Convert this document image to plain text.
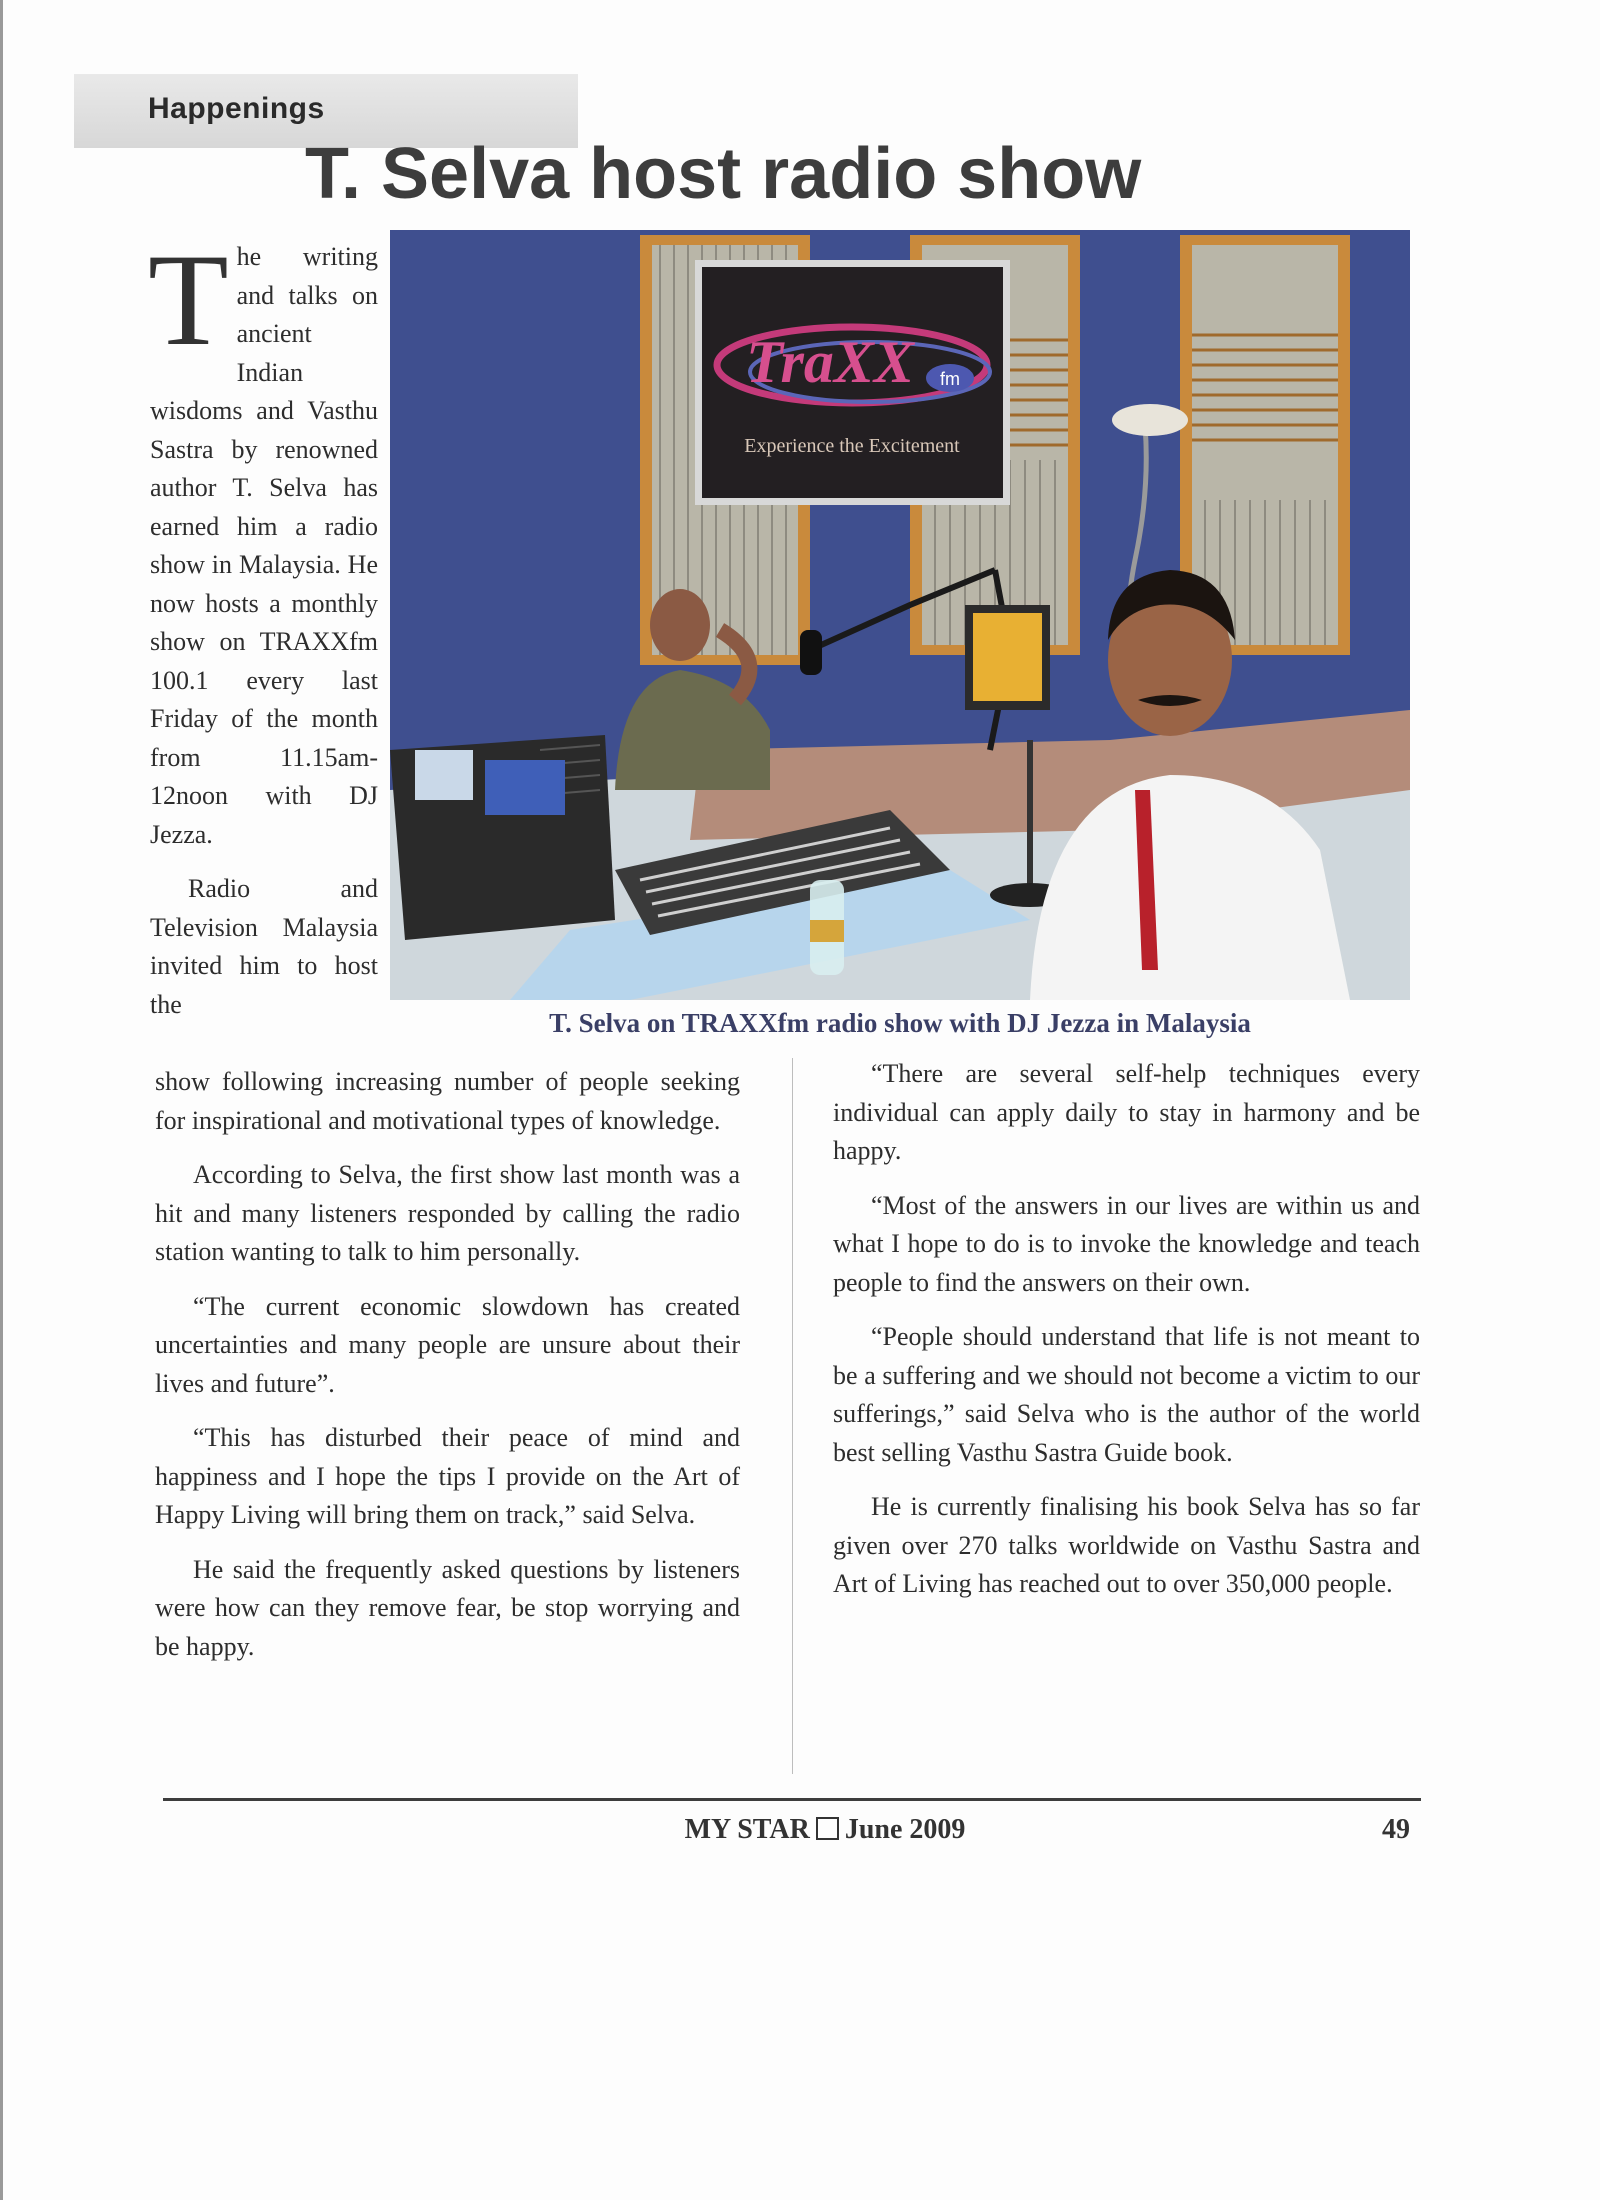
Happenings
T. Selva host radio show
TraXX fm
Experience the Excitement
T. Selva on TRAXXfm radio show with DJ Jezza in Malaysia

The writing and talks on ancient Indian wisdoms and Vasthu Sastra by renowned author T. Selva has earned him a radio show in Malaysia. He now hosts a monthly show on TRAXXfm 100.1 every last Friday of the month from 11.15am-12noon with DJ Jezza.

Radio and Television Malaysia invited him to host the

show following increasing number of people seeking for inspirational and motivational types of knowledge.

According to Selva, the first show last month was a hit and many listeners responded by calling the radio station wanting to talk to him personally.

“The current economic slowdown has created uncertainties and many people are unsure about their lives and future”.

“This has disturbed their peace of mind and happiness and I hope the tips I provide on the Art of Happy Living will bring them on track,” said Selva.

He said the frequently asked questions by listeners were how can they remove fear, be stop worrying and be happy.

“There are several self-help techniques every individual can apply daily to stay in harmony and be happy.

“Most of the answers in our lives are within us and what I hope to do is to invoke the knowledge and teach people to find the answers on their own.

“People should understand that life is not meant to be a suffering and we should not become a victim to our sufferings,” said Selva who is the author of the world best selling Vasthu Sastra Guide book.

He is currently finalising his book Selva has so far given over 270 talks worldwide on Vasthu Sastra and Art of Living has reached out to over 350,000 people.

MY STAR June 2009	49
